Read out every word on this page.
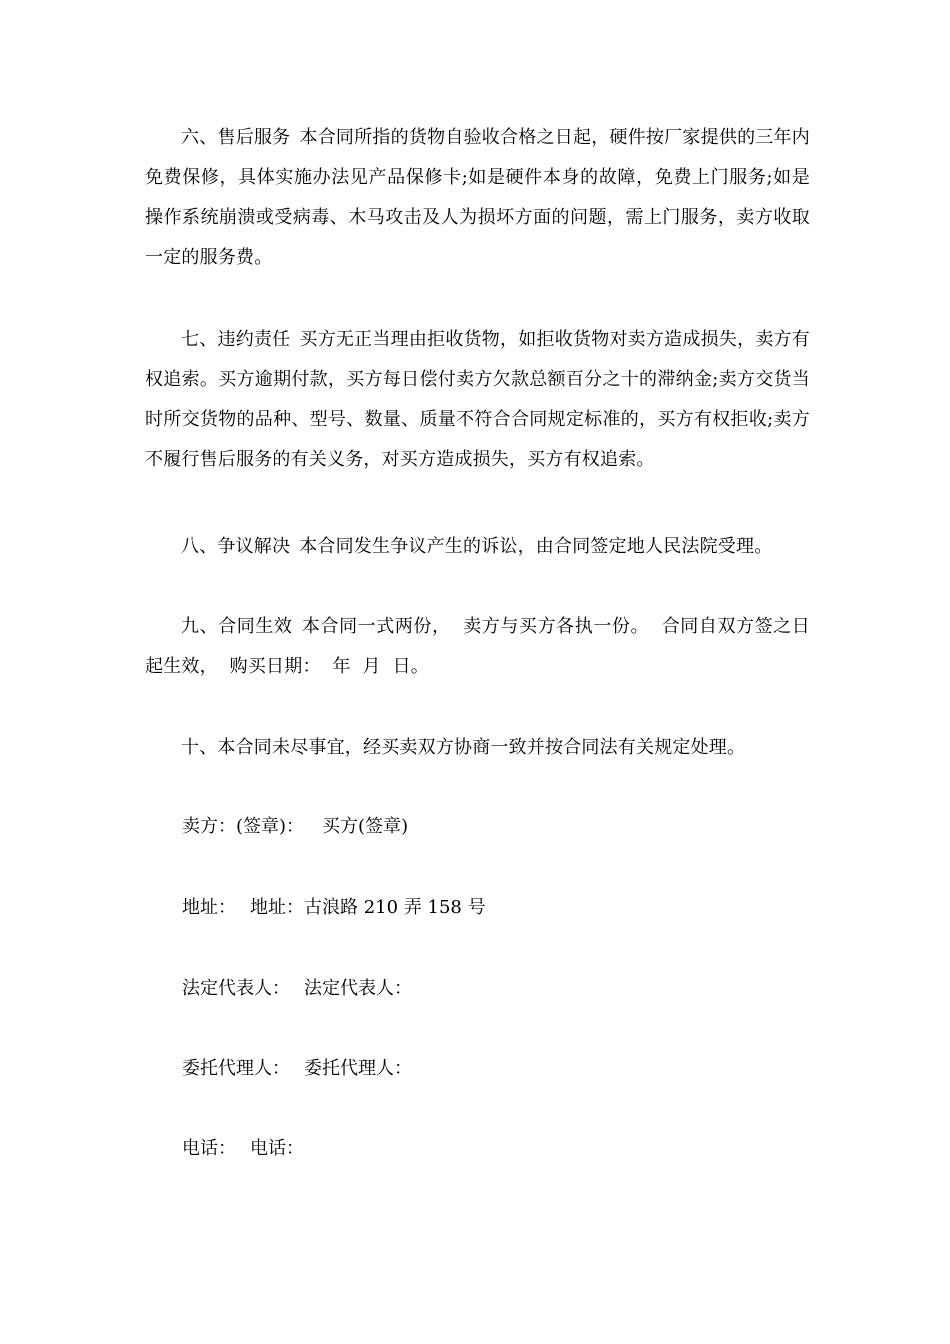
六、售后服务 本合同所指的货物自验收合格之日起，硬件按厂家提供的三年内免费保修，具体实施办法见产品保修卡;如是硬件本身的故障，免费上门服务;如是操作系统崩溃或受病毒、木马攻击及人为损坏方面的问题，需上门服务，卖方收取一定的服务费。

七、违约责任 买方无正当理由拒收货物，如拒收货物对卖方造成损失，卖方有权追索。买方逾期付款，买方每日偿付卖方欠款总额百分之十的滞纳金;卖方交货当时所交货物的品种、型号、数量、质量不符合合同规定标准的，买方有权拒收;卖方不履行售后服务的有关义务，对买方造成损失，买方有权追索。

八、争议解决 本合同发生争议产生的诉讼，由合同签定地人民法院受理。

九、合同生效 本合同一式两份，  卖方与买方各执一份。  合同自双方签之日起生效，  购买日期：  年  月  日。

十、本合同未尽事宜，经买卖双方协商一致并按合同法有关规定处理。

卖方：(签章)： 买方(签章)

地址： 地址：古浪路 210 弄 158 号

法定代表人： 法定代表人：

委托代理人： 委托代理人：

电话： 电话：
